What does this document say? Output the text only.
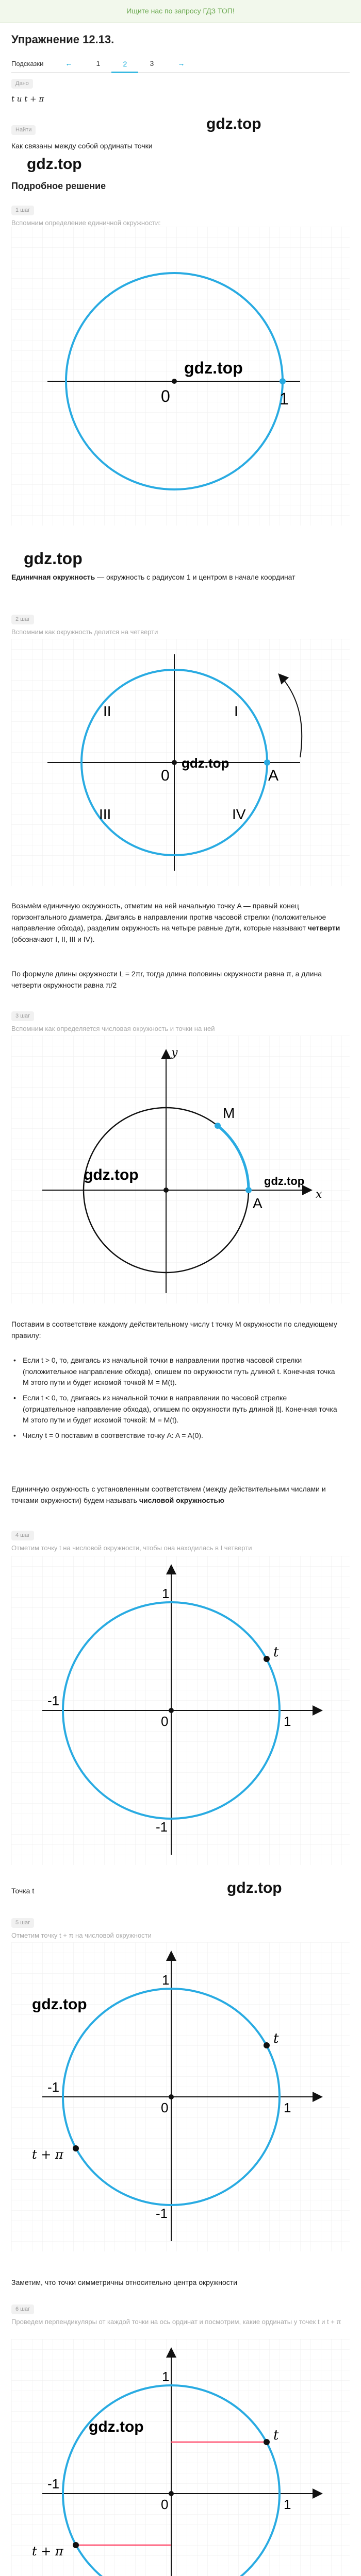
Ищите нас по запросу ГДЗ ТОП!
Упражнение 12.13.
Подсказки	←	1	2	3	→
Дано
t и t + π
gdz.top
Найти
Как связаны между собой ординаты точки
gdz.top
Подробное решение
1 шаг
Вспомним определение единичной окружности:
0	1
gdz.top
gdz.top
Единичная окружность — окружность с радиусом 1 и центром в начале координат
2 шаг
Вспомним как окружность делится на четверти
II	I
III	IV
0	A
gdz.top
Возьмём единичную окружность, отметим на ней начальную точку A — правый конец горизонтального диаметра. Двигаясь в направлении против часовой стрелки (положительное направление обхода), разделим окружность на четыре равные дуги, которые называют четверти (обозначают I, II, III и IV).
По формуле длины окружности L = 2πr, тогда длина половины окружности равна π, а длина четверти окружности равна π/2
3 шаг
Вспомним как определяется числовая окружность и точки на ней
M
A
x
y
gdz.top	gdz.top
Поставим в соответствие каждому действительному числу t точку M окружности по следующему правилу:
• Если t > 0, то, двигаясь из начальной точки в направлении против часовой стрелки (положительное направление обхода), опишем по окружности путь длиной t. Конечная точка M этого пути и будет искомой точкой M = M(t).
• Если t < 0, то, двигаясь из начальной точки в направлении по часовой стрелке (отрицательное направление обхода), опишем по окружности путь длиной |t|. Конечная точка M этого пути и будет искомой точкой: M = M(t).
• Числу t = 0 поставим в соответствие точку A: A = A(0).
Единичную окружность с установленным соответствием (между действительными числами и точками окружности) будем называть числовой окружностью
4 шаг
Отметим точку t на числовой окружности, чтобы она находилась в I четверти
t
0
1
1
-1
-1
Точка t	gdz.top
5 шаг
Отметим точку t + π на числовой окружности
t
t + π
0
1
1
-1
-1
gdz.top
Заметим, что точки симметричны относительно центра окружности
6 шаг
Проведем перпендикуляры от каждой точки на ось ординат и посмотрим, какие ординаты у точек t и t + π
t
t + π
0
1
1
-1
gdz.top
